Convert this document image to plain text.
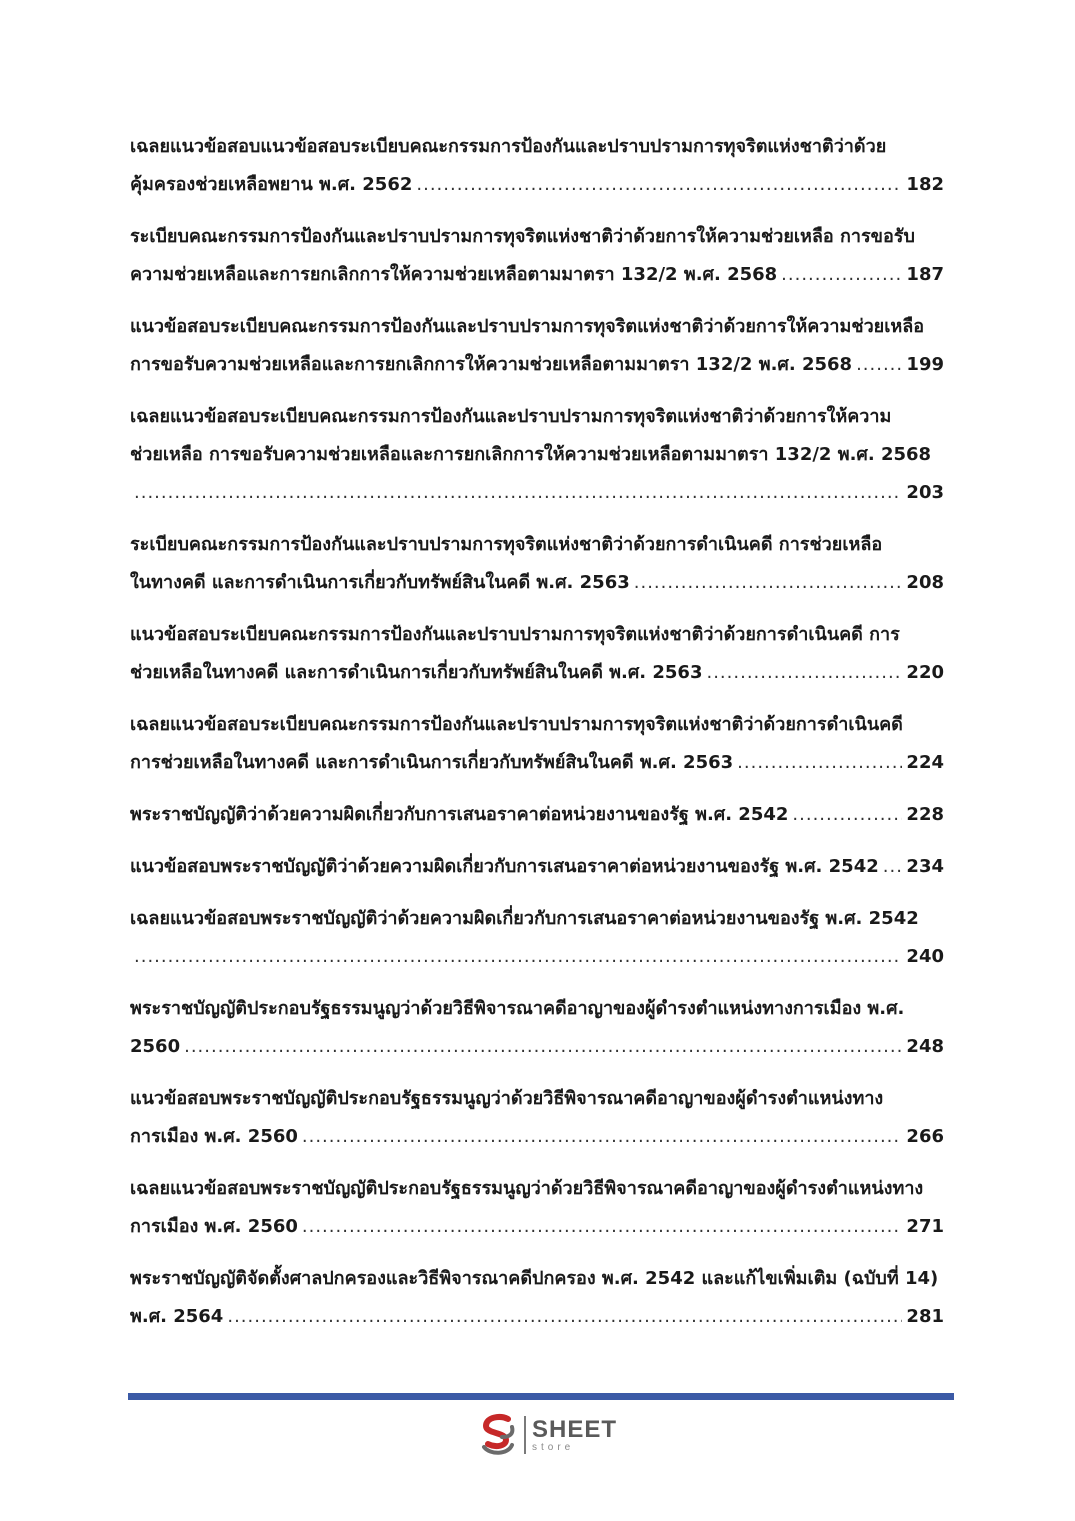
เฉลยแนวข้อสอบแนวข้อสอบระเบียบคณะกรรมการป้องกันและปราบปรามการทุจริตแห่งชาติว่าด้วย
คุ้มครองช่วยเหลือพยาน พ.ศ. 2562 .....	182
ระเบียบคณะกรรมการป้องกันและปราบปรามการทุจริตแห่งชาติว่าด้วยการให้ความช่วยเหลือ การขอรับ
ความช่วยเหลือและการยกเลิกการให้ความช่วยเหลือตามมาตรา 132/2 พ.ศ. 2568 .....	187
แนวข้อสอบระเบียบคณะกรรมการป้องกันและปราบปรามการทุจริตแห่งชาติว่าด้วยการให้ความช่วยเหลือ
การขอรับความช่วยเหลือและการยกเลิกการให้ความช่วยเหลือตามมาตรา 132/2 พ.ศ. 2568 .....	199
เฉลยแนวข้อสอบระเบียบคณะกรรมการป้องกันและปราบปรามการทุจริตแห่งชาติว่าด้วยการให้ความ
ช่วยเหลือ การขอรับความช่วยเหลือและการยกเลิกการให้ความช่วยเหลือตามมาตรา 132/2 พ.ศ. 2568
.....
203
ระเบียบคณะกรรมการป้องกันและปราบปรามการทุจริตแห่งชาติว่าด้วยการดำเนินคดี การช่วยเหลือ
ในทางคดี และการดำเนินการเกี่ยวกับทรัพย์สินในคดี พ.ศ. 2563 .....	208
แนวข้อสอบระเบียบคณะกรรมการป้องกันและปราบปรามการทุจริตแห่งชาติว่าด้วยการดำเนินคดี การ
ช่วยเหลือในทางคดี และการดำเนินการเกี่ยวกับทรัพย์สินในคดี พ.ศ. 2563 .....	220
เฉลยแนวข้อสอบระเบียบคณะกรรมการป้องกันและปราบปรามการทุจริตแห่งชาติว่าด้วยการดำเนินคดี
การช่วยเหลือในทางคดี และการดำเนินการเกี่ยวกับทรัพย์สินในคดี พ.ศ. 2563 .....	224
พระราชบัญญัติว่าด้วยความผิดเกี่ยวกับการเสนอราคาต่อหน่วยงานของรัฐ พ.ศ. 2542 .....	228
แนวข้อสอบพระราชบัญญัติว่าด้วยความผิดเกี่ยวกับการเสนอราคาต่อหน่วยงานของรัฐ พ.ศ. 2542 ..... 234
เฉลยแนวข้อสอบพระราชบัญญัติว่าด้วยความผิดเกี่ยวกับการเสนอราคาต่อหน่วยงานของรัฐ พ.ศ. 2542
.....
240
พระราชบัญญัติประกอบรัฐธรรมนูญว่าด้วยวิธีพิจารณาคดีอาญาของผู้ดำรงตำแหน่งทางการเมือง พ.ศ.
2560 .....	248
แนวข้อสอบพระราชบัญญัติประกอบรัฐธรรมนูญว่าด้วยวิธีพิจารณาคดีอาญาของผู้ดำรงตำแหน่งทาง
การเมือง พ.ศ. 2560 .....	266
เฉลยแนวข้อสอบพระราชบัญญัติประกอบรัฐธรรมนูญว่าด้วยวิธีพิจารณาคดีอาญาของผู้ดำรงตำแหน่งทาง
การเมือง พ.ศ. 2560 .....	271
พระราชบัญญัติจัดตั้งศาลปกครองและวิธีพิจารณาคดีปกครอง พ.ศ. 2542 และแก้ไขเพิ่มเติม (ฉบับที่ 14)
พ.ศ. 2564 .....	281
SHEET
store
